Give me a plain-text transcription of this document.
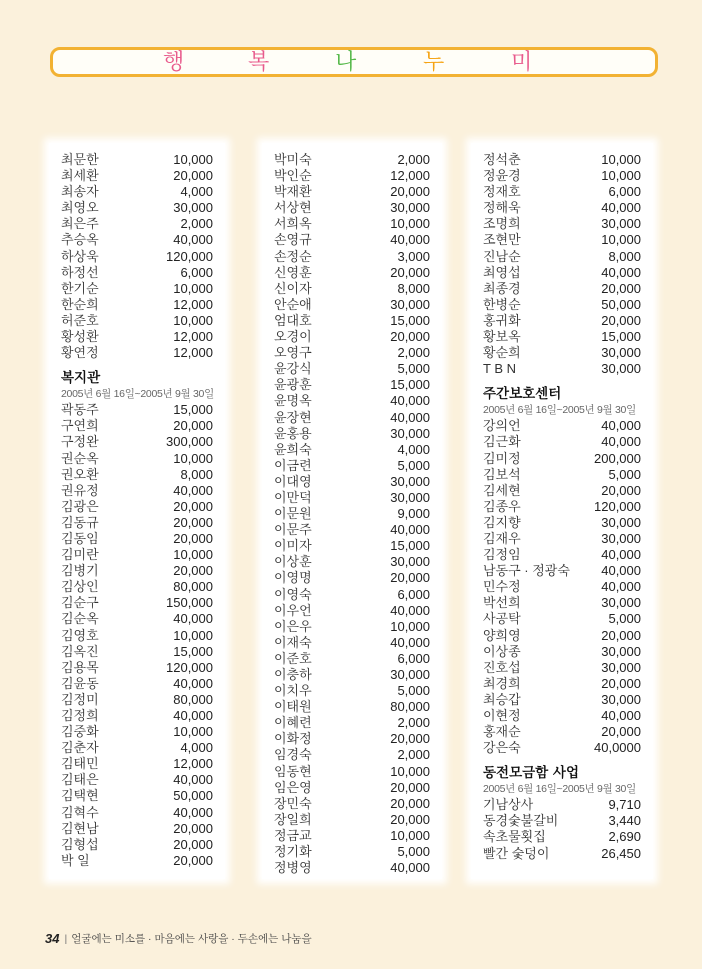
행	복	나	누	미
최문한	10,000
최세환	20,000
최송자	4,000
최영오	30,000
최은주	2,000
추승옥	40,000
하상욱	120,000
하정선	6,000
한기순	10,000
한순희	12,000
허준호	10,000
황성환	12,000
황연정	12,000
복지관
2005년 6월 16일~2005년 9월 30일
곽동주	15,000
구연희	20,000
구정완	300,000
권순옥	10,000
권오환	8,000
권유정	40,000
김광은	20,000
김동규	20,000
김동임	20,000
김미란	10,000
김병기	20,000
김상인	80,000
김순구	150,000
김순옥	40,000
김영호	10,000
김옥진	15,000
김용목	120,000
김윤동	40,000
김정미	80,000
김정희	40,000
김중화	10,000
김춘자	4,000
김태민	12,000
김태은	40,000
김택현	50,000
김혁수	40,000
김현남	20,000
김형섭	20,000
박 일	20,000
박미숙	2,000
박인순	12,000
박재환	20,000
서상현	30,000
서희옥	10,000
손영규	40,000
손정순	3,000
신영훈	20,000
신이자	8,000
안순애	30,000
엄대호	15,000
오경이	20,000
오영구	2,000
윤강식	5,000
윤광훈	15,000
윤명옥	40,000
윤장현	40,000
윤홍용	30,000
윤희숙	4,000
이금련	5,000
이대영	30,000
이만덕	30,000
이문원	9,000
이문주	40,000
이미자	15,000
이상훈	30,000
이영명	20,000
이영숙	6,000
이우언	40,000
이은우	10,000
이재숙	40,000
이준호	6,000
이충하	30,000
이치우	5,000
이태원	80,000
이혜련	2,000
이화정	20,000
임경숙	2,000
임동현	10,000
임은영	20,000
장민숙	20,000
장일희	20,000
정금교	10,000
정기화	5,000
정병영	40,000
정석춘	10,000
정윤경	10,000
정재호	6,000
정해욱	40,000
조명희	30,000
조현만	10,000
진남순	8,000
최영섭	40,000
최종경	20,000
한병순	50,000
홍귀화	20,000
황보옥	15,000
황순희	30,000
T B N	30,000
주간보호센터
2005년 6월 16일~2005년 9월 30일
강의언	40,000
김근화	40,000
김미정	200,000
김보석	5,000
김세현	20,000
김종우	120,000
김지향	30,000
김재우	30,000
김정임	40,000
남동구 · 정광숙 40,000
민수정	40,000
박선희	30,000
사공탁	5,000
양희영	20,000
이상종	30,000
진호섭	30,000
최경희	20,000
최승갑	30,000
이현정	40,000
홍재순	20,000
강은숙	40,0000
동전모금함 사업
2005년 6월 16일~2005년 9월 30일
기남상사	9,710
동경숯불갈비	3,440
속초물횟집	2,690
빨간 숯덩이	26,450
34 | 얼굴에는 미소를 · 마음에는 사랑을 · 두손에는 나눔을
